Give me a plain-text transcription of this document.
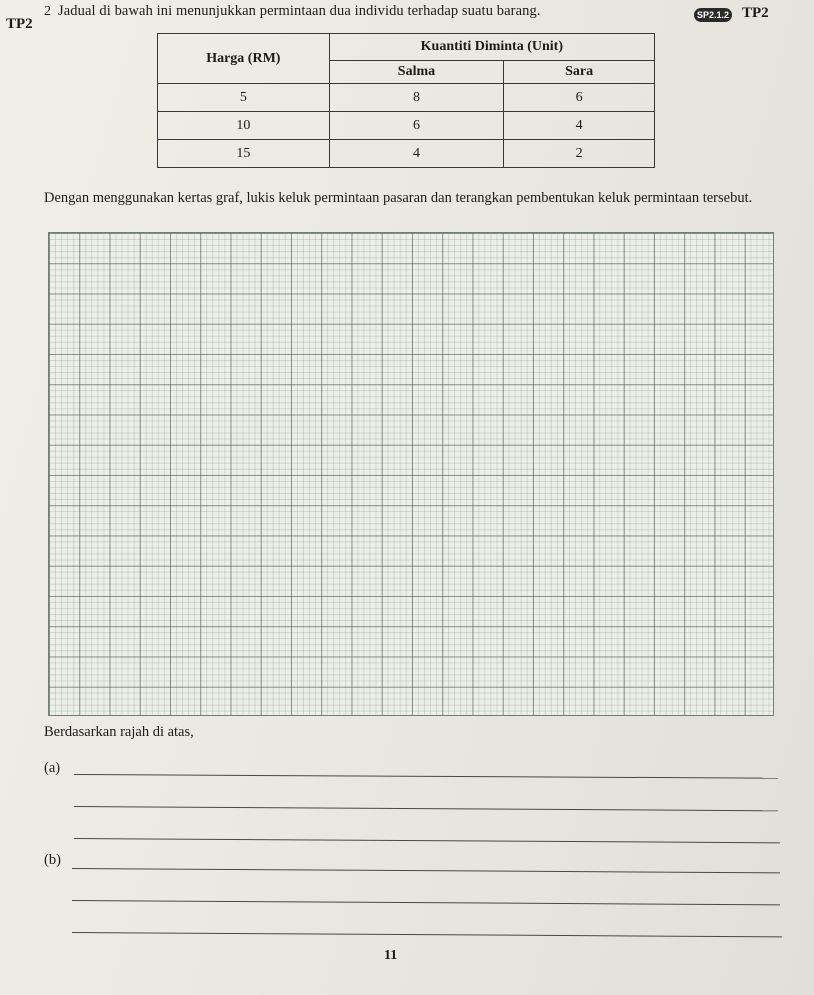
2 Jadual di bawah ini menunjukkan permintaan dua individu terhadap suatu barang.
TP2
SP2.1.2 TP2
Harga (RM)	Kuantiti Diminta (Unit)	
	Salma	Sara
5	8	6
10	6	4
15	4	2

Dengan menggunakan kertas graf, lukis keluk permintaan pasaran dan terangkan pembentukan keluk permintaan tersebut.

Berdasarkan rajah di atas,
(a)
(b)
11
